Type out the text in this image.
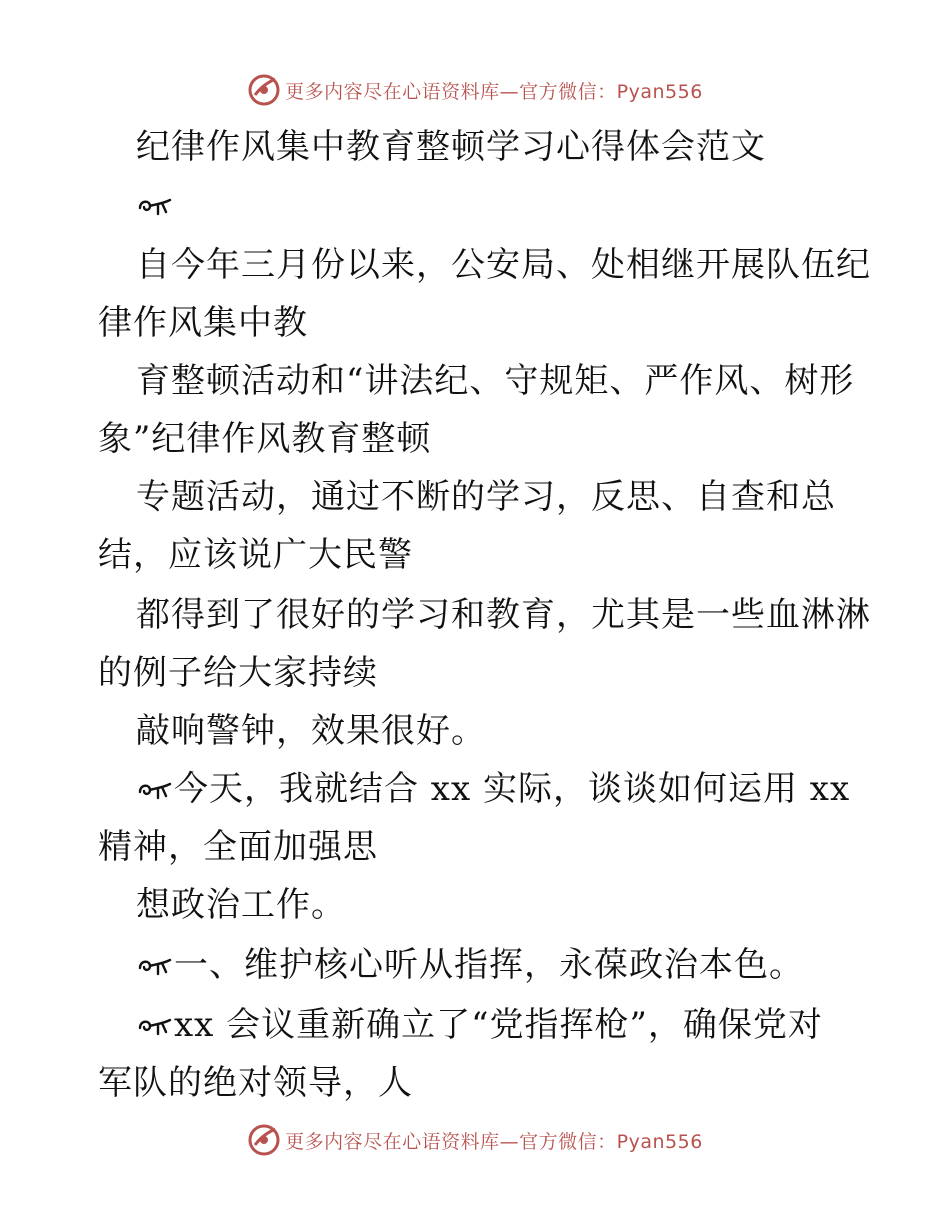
更多内容尽在心语资料库—官方微信：Pyan556
纪律作风集中教育整顿学习心得体会范文
自今年三月份以来，公安局、处相继开展队伍纪
律作风集中教
育整顿活动和“讲法纪、守规矩、严作风、树形
象”纪律作风教育整顿
专题活动，通过不断的学习，反思、自查和总
结，应该说广大民警
都得到了很好的学习和教育，尤其是一些血淋淋
的例子给大家持续
敲响警钟，效果很好。
今天，我就结合 xx 实际，谈谈如何运用 xx
精神，全面加强思
想政治工作。
一、维护核心听从指挥，永葆政治本色。
xx 会议重新确立了“党指挥枪”，确保党对
军队的绝对领导，人
更多内容尽在心语资料库—官方微信：Pyan556
